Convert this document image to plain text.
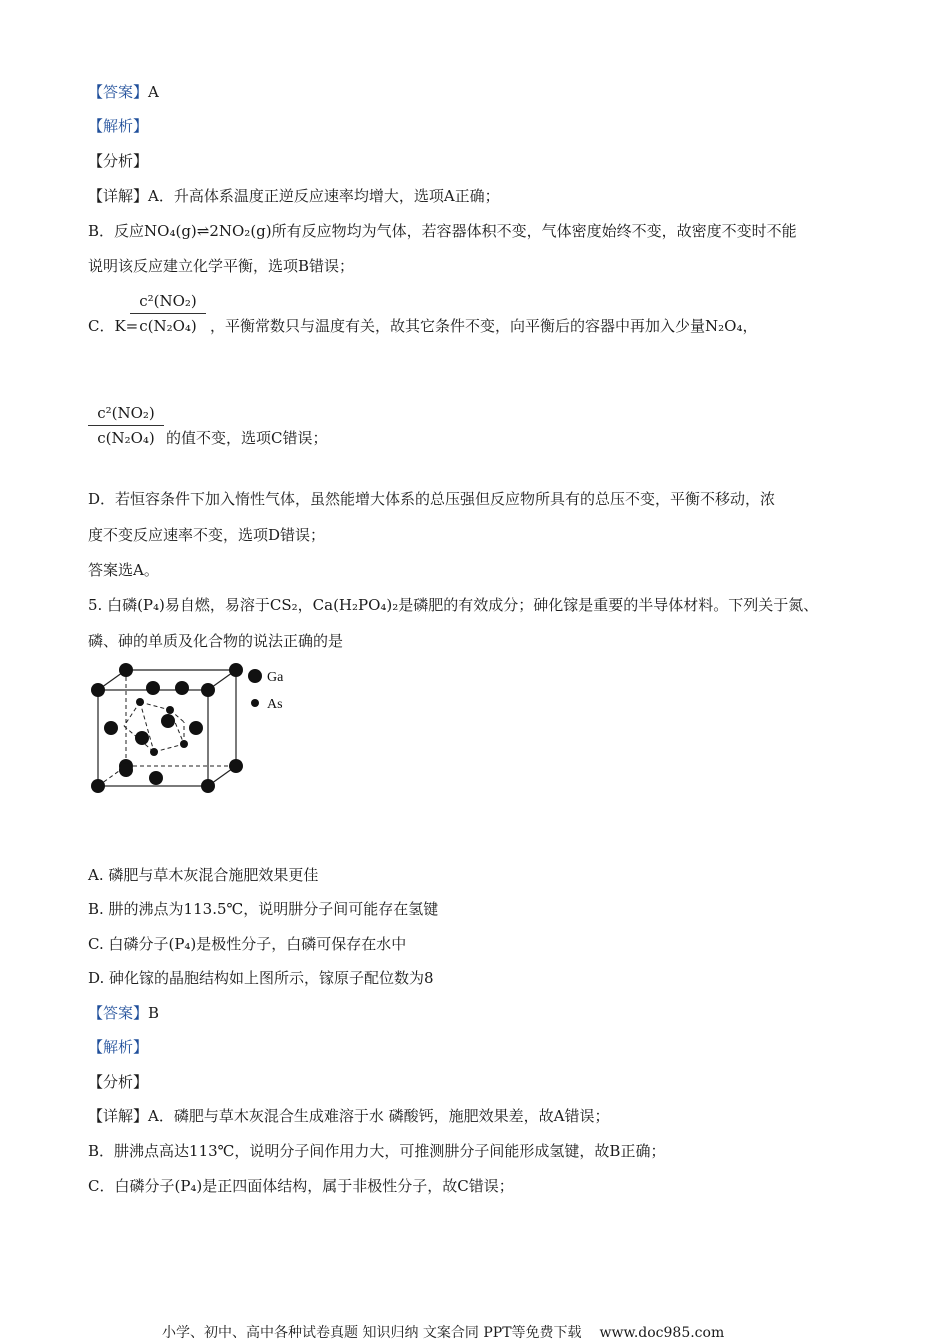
【答案】A
【解析】
【分析】
【详解】A．升高体系温度正逆反应速率均增大，选项A正确；
B．反应NO₄(g)⇌2NO₂(g)所有反应物均为气体，若容器体积不变，气体密度始终不变，故密度不变时不能
说明该反应建立化学平衡，选项B错误；
C．K=
c²(NO₂)
c(N₂O₄) ，平衡常数只与温度有关，故其它条件不变，向平衡后的容器中再加入少量N₂O₄，
c²(NO₂)
c(N₂O₄) 的值不变，选项C错误；
D．若恒容条件下加入惰性气体，虽然能增大体系的总压强但反应物所具有的总压不变，平衡不移动，浓
度不变反应速率不变，选项D错误；
答案选A。
5. 白磷(P₄)易自燃，易溶于CS₂，Ca(H₂PO₄)₂是磷肥的有效成分；砷化镓是重要的半导体材料。下列关于氮、
磷、砷的单质及化合物的说法正确的是
Ga
As
A. 磷肥与草木灰混合施肥效果更佳
B. 肼的沸点为113.5℃，说明肼分子间可能存在氢键
C. 白磷分子(P₄)是极性分子，白磷可保存在水中
D. 砷化镓的晶胞结构如上图所示，镓原子配位数为8
【答案】B
【解析】
【分析】
【详解】A．磷肥与草木灰混合生成难溶于水 磷酸钙，施肥效果差，故A错误；
B．肼沸点高达113℃，说明分子间作用力大，可推测肼分子间能形成氢键，故B正确；
C．白磷分子(P₄)是正四面体结构，属于非极性分子，故C错误；
小学、初中、高中各种试卷真题 知识归纳 文案合同 PPT等免费下载 www.doc985.com
